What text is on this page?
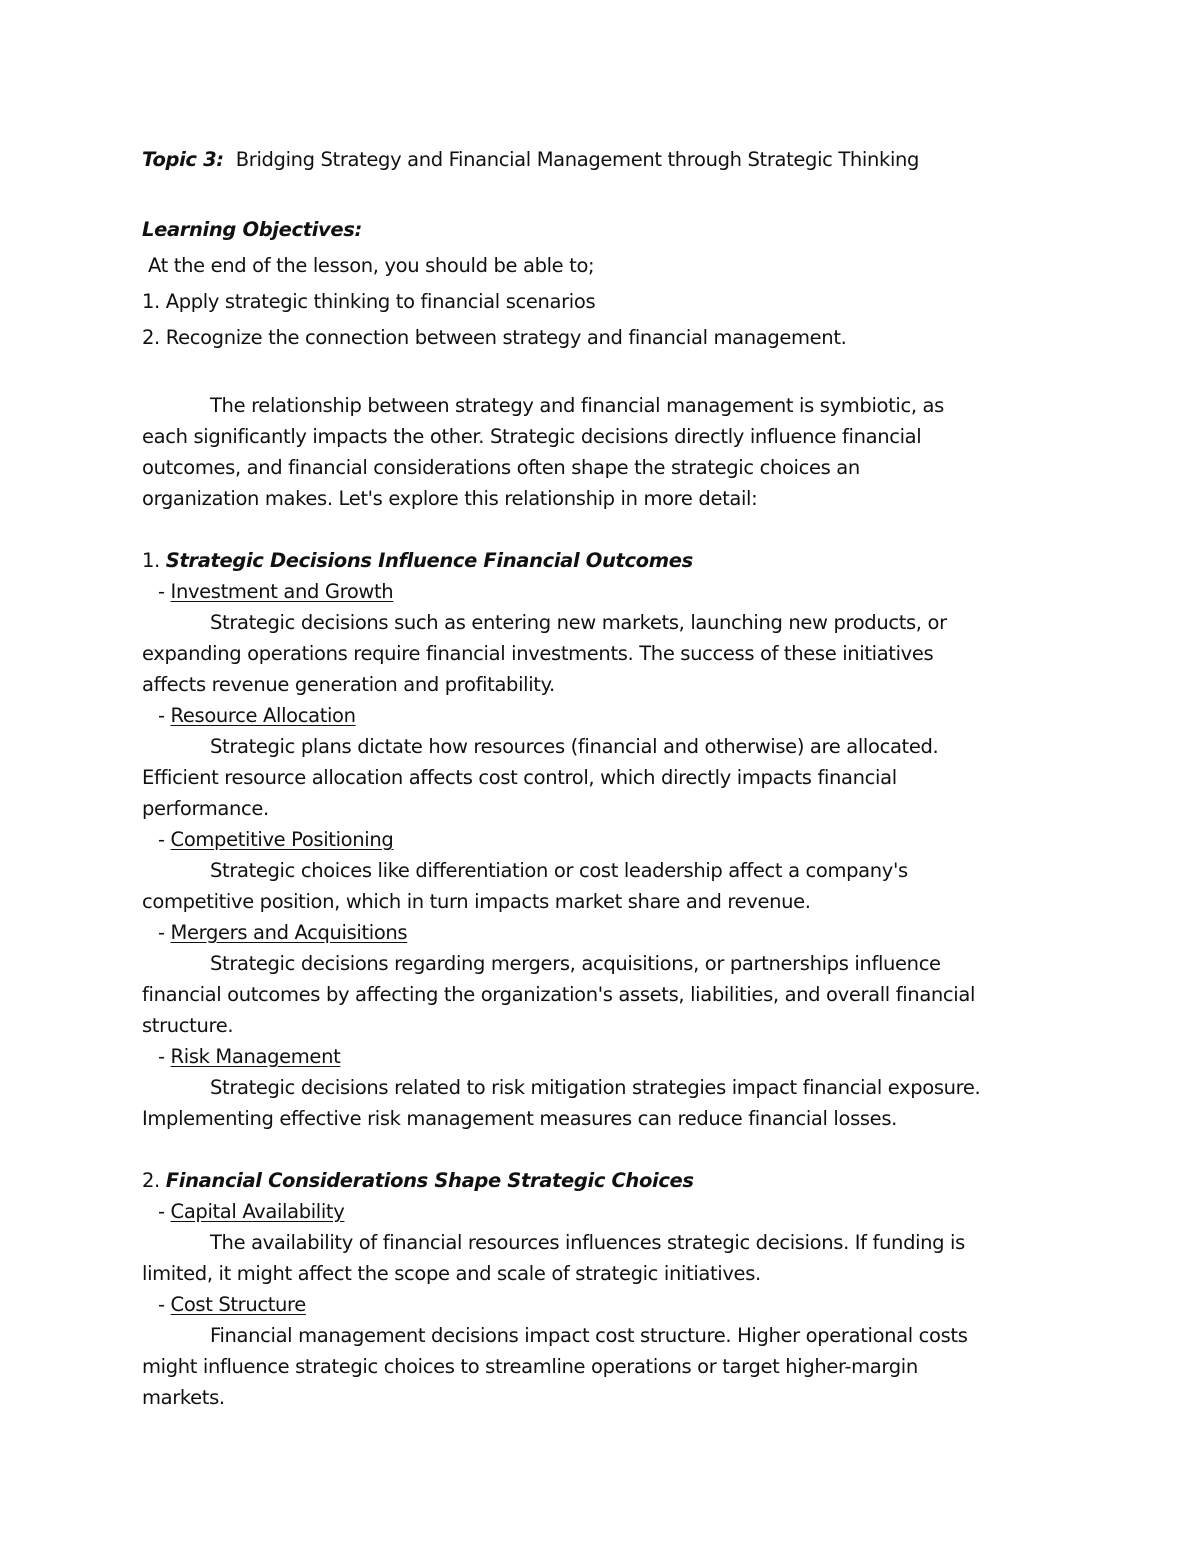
Topic 3: Bridging Strategy and Financial Management through Strategic Thinking
Learning Objectives:
At the end of the lesson, you should be able to;
1. Apply strategic thinking to financial scenarios
2. Recognize the connection between strategy and financial management.
The relationship between strategy and financial management is symbiotic, as
each significantly impacts the other. Strategic decisions directly influence financial
outcomes, and financial considerations often shape the strategic choices an
organization makes. Let's explore this relationship in more detail:
1. Strategic Decisions Influence Financial Outcomes
- Investment and Growth
Strategic decisions such as entering new markets, launching new products, or
expanding operations require financial investments. The success of these initiatives
affects revenue generation and profitability.
- Resource Allocation
Strategic plans dictate how resources (financial and otherwise) are allocated.
Efficient resource allocation affects cost control, which directly impacts financial
performance.
- Competitive Positioning
Strategic choices like differentiation or cost leadership affect a company's
competitive position, which in turn impacts market share and revenue.
- Mergers and Acquisitions
Strategic decisions regarding mergers, acquisitions, or partnerships influence
financial outcomes by affecting the organization's assets, liabilities, and overall financial
structure.
- Risk Management
Strategic decisions related to risk mitigation strategies impact financial exposure.
Implementing effective risk management measures can reduce financial losses.
2. Financial Considerations Shape Strategic Choices
- Capital Availability
The availability of financial resources influences strategic decisions. If funding is
limited, it might affect the scope and scale of strategic initiatives.
- Cost Structure
Financial management decisions impact cost structure. Higher operational costs
might influence strategic choices to streamline operations or target higher-margin
markets.
